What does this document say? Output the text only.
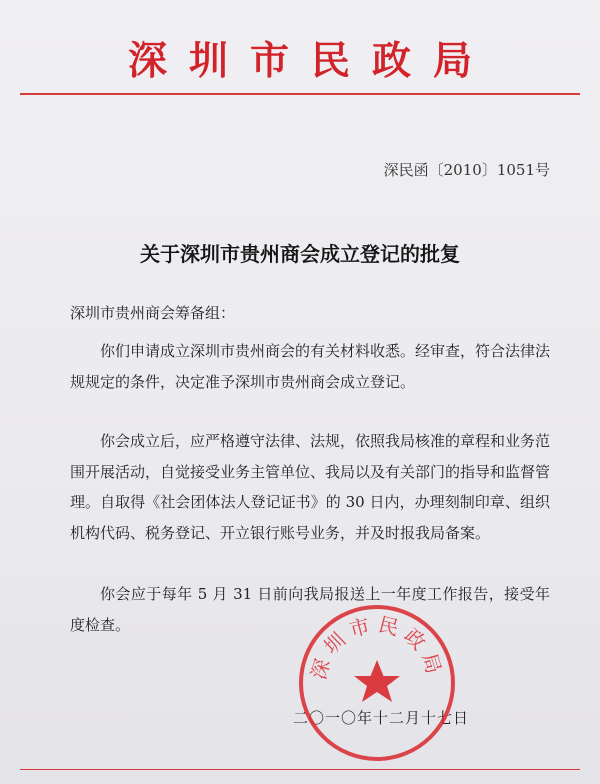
深圳市民政局
深民函〔2010〕1051号
关于深圳市贵州商会成立登记的批复
深圳市贵州商会筹备组：

你们申请成立深圳市贵州商会的有关材料收悉。经审查，符合法律法规规定的条件，决定准予深圳市贵州商会成立登记。

你会成立后，应严格遵守法律、法规，依照我局核准的章程和业务范围开展活动，自觉接受业务主管单位、我局以及有关部门的指导和监督管理。自取得《社会团体法人登记证书》的 30 日内，办理刻制印章、组织机构代码、税务登记、开立银行账号业务，并及时报我局备案。

你会应于每年 5 月 31 日前向我局报送上一年度工作报告，接受年度检查。

二〇一〇年十二月十七日
深圳市民政局
